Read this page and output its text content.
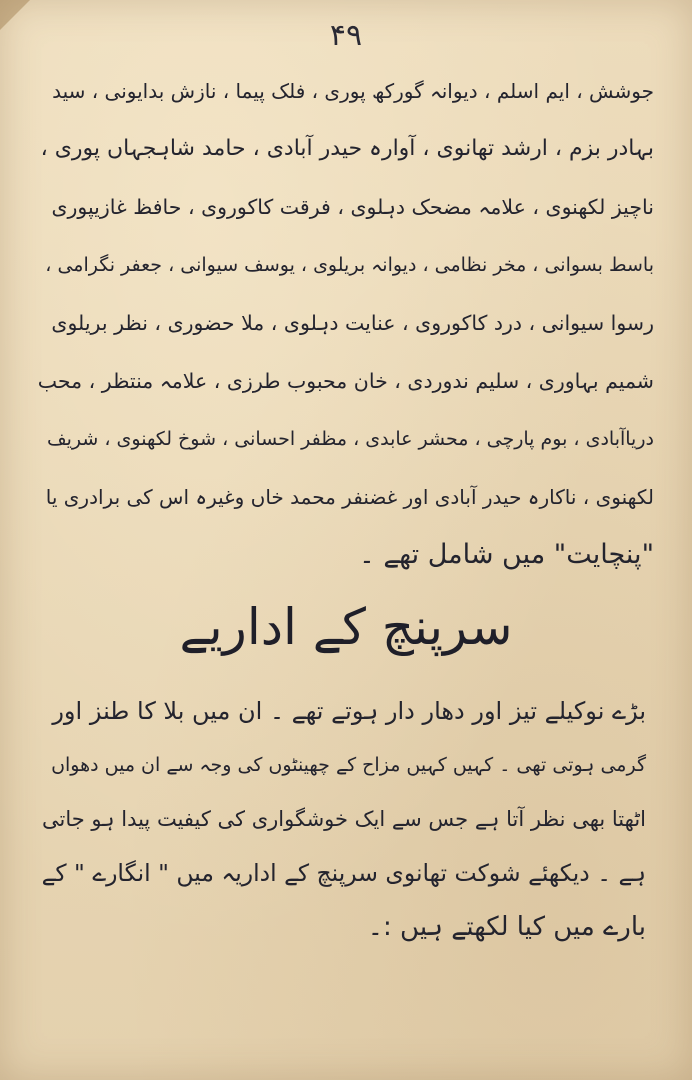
۴۹
جوشش ، ایم اسلم ، دیوانہ گورکھ پوری ، فلک پیما ، نازش بدایونی ، سید
بہادر بزم ، ارشد تھانوی ، آوارہ حیدر آبادی ، حامد شاہجہاں پوری ،
ناچیز لکھنوی ، علامہ مضحک دہلوی ، فرقت کاکوروی ، حافظ غازیپوری
باسط بسوانی ، مخر نظامی ، دیوانہ بریلوی ، یوسف سیوانی ، جعفر نگرامی ،
رسوا سیوانی ، درد کاکوروی ، عنایت دہلوی ، ملا حضوری ، نظر بریلوی
شمیم بہاوری ، سلیم ندوردی ، خان محبوب طرزی ، علامہ منتظر ، محب
دریاآبادی ، بوم پارچی ، محشر عابدی ، مظفر احسانی ، شوخ لکھنوی ، شریف
لکھنوی ، ناکارہ حیدر آبادی اور غضنفر محمد خاں وغیرہ اس کی برادری یا
"پنچایت" میں شامل تھے ۔
سرپنچ کے اداریے
بڑے نوکیلے تیز اور دھار دار ہوتے تھے ۔ ان میں بلا کا طنز اور
گرمی ہوتی تھی ۔ کہیں کہیں مزاح کے چھینٹوں کی وجہ سے ان میں دھواں
اٹھتا بھی نظر آتا ہے جس سے ایک خوشگواری کی کیفیت پیدا ہو جاتی
ہے ۔ دیکھئے شوکت تھانوی سرپنچ کے اداریہ میں " انگارے " کے
بارے میں کیا لکھتے ہیں :۔
